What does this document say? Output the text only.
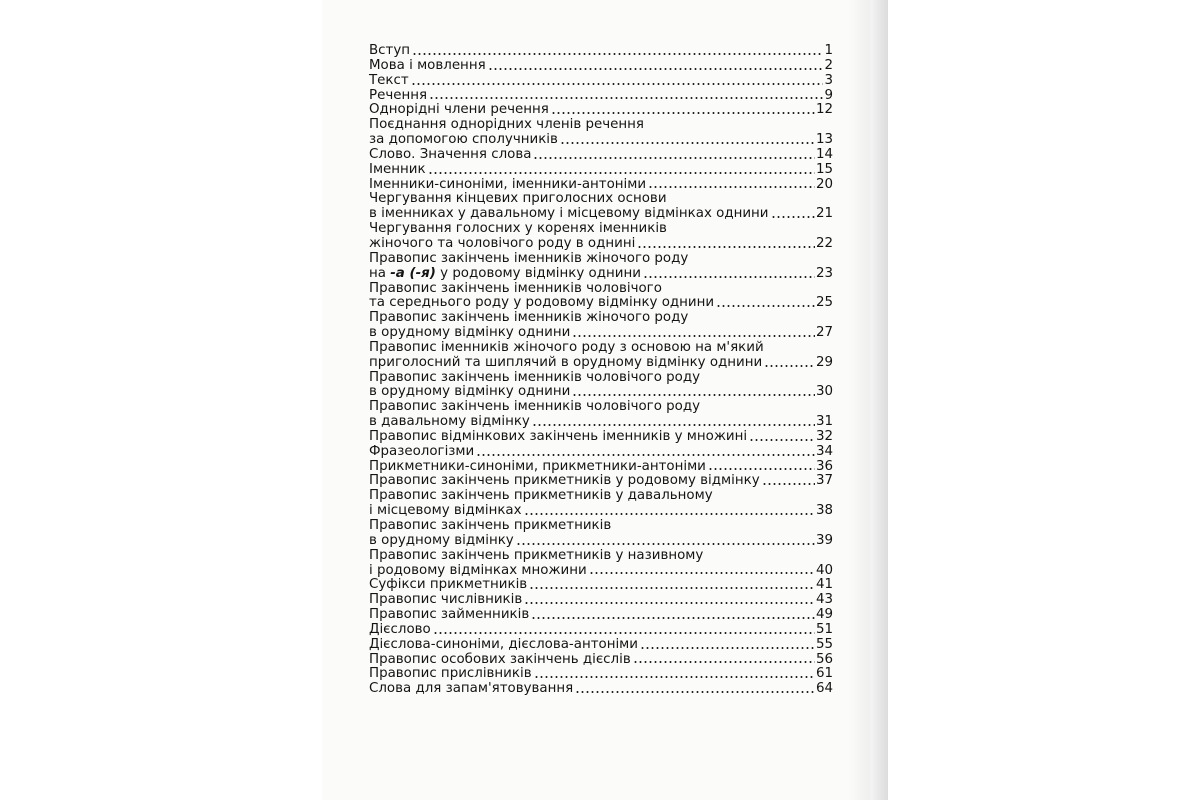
Вступ	1
Мова і мовлення	2
Текст	3
Речення	9
Однорідні члени речення	12
Поєднання однорідних членів речення
за допомогою сполучників	13
Слово. Значення слова	14
Іменник	15
Іменники-синоніми, іменники-антоніми	20
Чергування кінцевих приголосних основи
в іменниках у давальному і місцевому відмінках однини	21
Чергування голосних у коренях іменників
жіночого та чоловічого роду в однині	22
Правопис закінчень іменників жіночого роду
на -а (-я) у родовому відмінку однини	23
Правопис закінчень іменників чоловічого
та середнього роду у родовому відмінку однини	25
Правопис закінчень іменників жіночого роду
в орудному відмінку однини	27
Правопис іменників жіночого роду з основою на м'який
приголосний та шиплячий в орудному відмінку однини	29
Правопис закінчень іменників чоловічого роду
в орудному відмінку однини	30
Правопис закінчень іменників чоловічого роду
в давальному відмінку	31
Правопис відмінкових закінчень іменників у множині	32
Фразеологізми	34
Прикметники-синоніми, прикметники-антоніми	36
Правопис закінчень прикметників у родовому відмінку	37
Правопис закінчень прикметників у давальному
і місцевому відмінках	38
Правопис закінчень прикметників
в орудному відмінку	39
Правопис закінчень прикметників у називному
і родовому відмінках множини	40
Суфікси прикметників	41
Правопис числівників	43
Правопис займенників	49
Дієслово	51
Дієслова-синоніми, дієслова-антоніми	55
Правопис особових закінчень дієслів	56
Правопис прислівників	61
Слова для запам'ятовування	64
